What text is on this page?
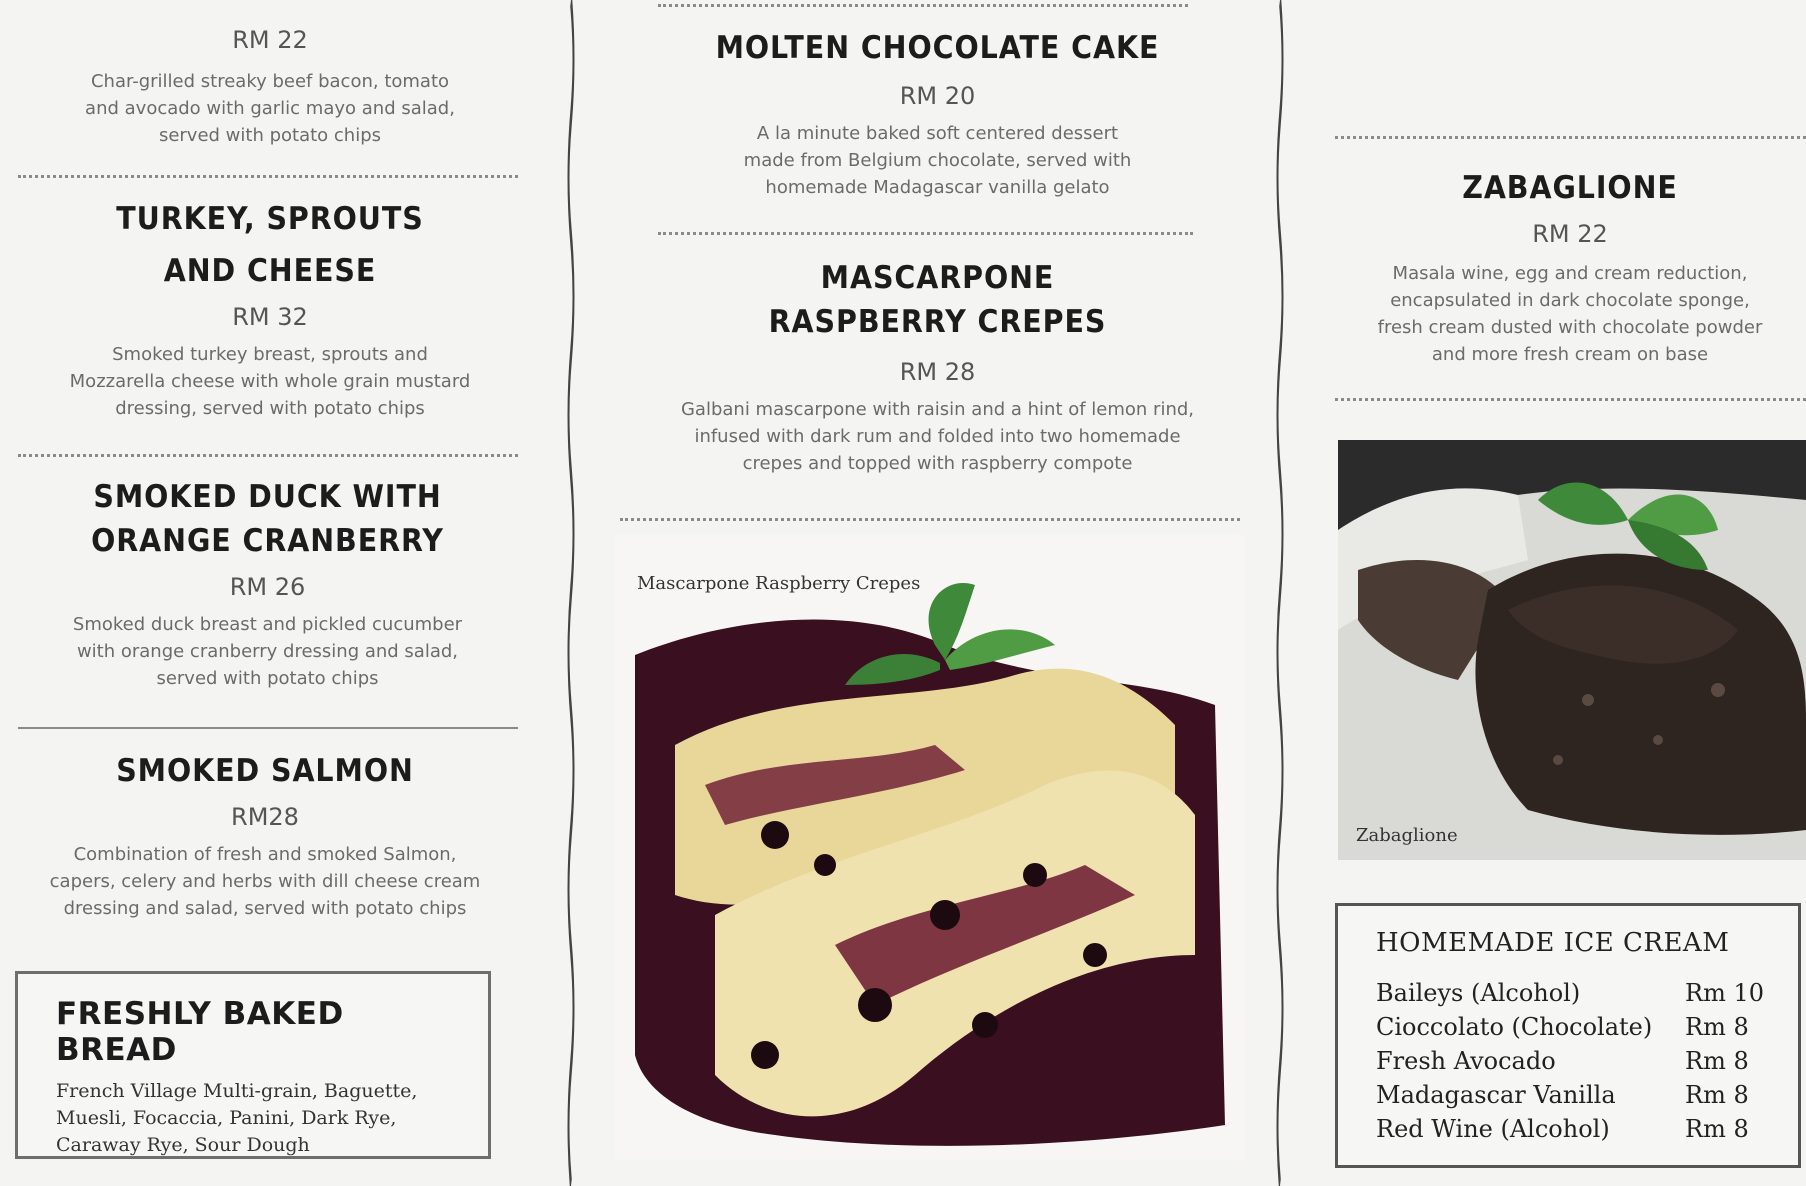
RM 22
Char-grilled streaky beef bacon, tomato
and avocado with garlic mayo and salad,
served with potato chips
TURKEY, SPROUTS
AND CHEESE
RM 32
Smoked turkey breast, sprouts and
Mozzarella cheese with whole grain mustard
dressing, served with potato chips
SMOKED DUCK WITH
ORANGE CRANBERRY
RM 26
Smoked duck breast and pickled cucumber
with orange cranberry dressing and salad,
served with potato chips
SMOKED SALMON
RM28
Combination of fresh and smoked Salmon,
capers, celery and herbs with dill cheese cream
dressing and salad, served with potato chips
FRESHLY BAKED BREAD
French Village Multi-grain, Baguette,
Muesli, Focaccia, Panini, Dark Rye,
Caraway Rye, Sour Dough
MOLTEN CHOCOLATE CAKE
RM 20
A la minute baked soft centered dessert
made from Belgium chocolate, served with
homemade Madagascar vanilla gelato
MASCARPONE
RASPBERRY CREPES
RM 28
Galbani mascarpone with raisin and a hint of lemon rind,
infused with dark rum and folded into two homemade
crepes and topped with raspberry compote
Mascarpone Raspberry Crepes
ZABAGLIONE
RM 22
Masala wine, egg and cream reduction,
encapsulated in dark chocolate sponge,
fresh cream dusted with chocolate powder
and more fresh cream on base
Zabaglione
HOMEMADE ICE CREAM
Baileys (Alcohol)	Rm 10
Cioccolato (Chocolate) Rm 8
Fresh Avocado	Rm 8
Madagascar Vanilla	Rm 8
Red Wine (Alcohol)	Rm 8
